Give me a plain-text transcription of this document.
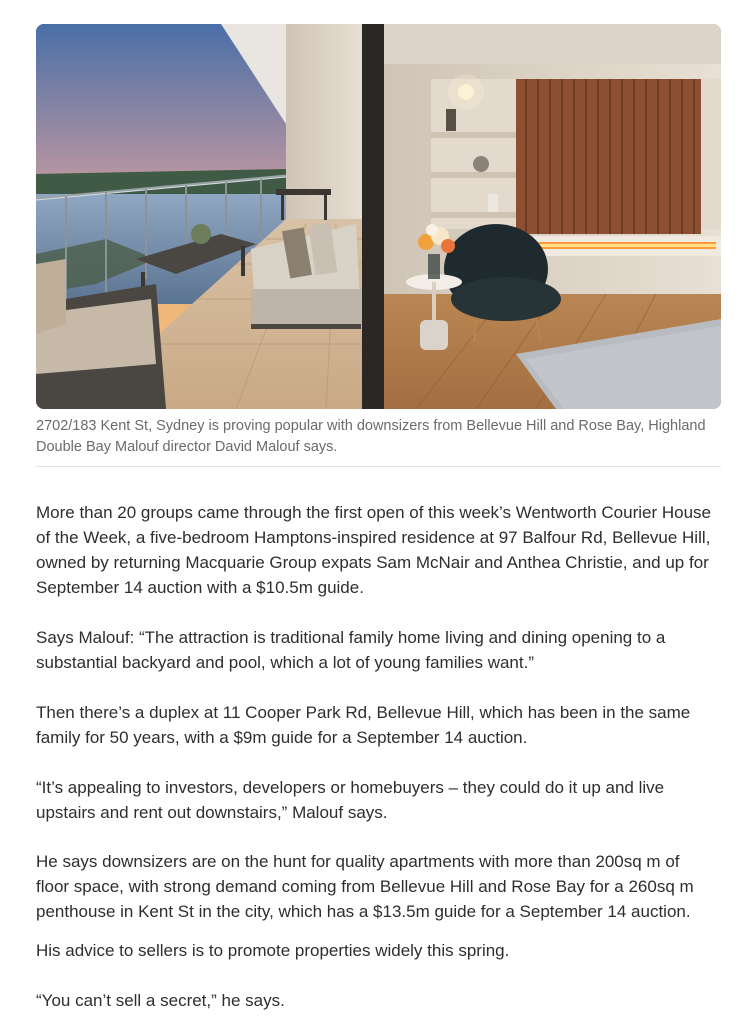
2702/183 Kent St, Sydney is proving popular with downsizers from Bellevue Hill and Rose Bay, Highland Double Bay Malouf director David Malouf says.

More than 20 groups came through the first open of this week’s Wentworth Courier House of the Week, a five-bedroom Hamptons-inspired residence at 97 Balfour Rd, Bellevue Hill, owned by returning Macquarie Group expats Sam McNair and Anthea Christie, and up for September 14 auction with a $10.5m guide.

Says Malouf: “The attraction is traditional family home living and dining opening to a substantial backyard and pool, which a lot of young families want.”

Then there’s a duplex at 11 Cooper Park Rd, Bellevue Hill, which has been in the same family for 50 years, with a $9m guide for a September 14 auction.

“It’s appealing to investors, developers or homebuyers – they could do it up and live upstairs and rent out downstairs,” Malouf says.

He says downsizers are on the hunt for quality apartments with more than 200sq m of floor space, with strong demand coming from Bellevue Hill and Rose Bay for a 260sq m penthouse in Kent St in the city, which has a $13.5m guide for a September 14 auction.

His advice to sellers is to promote properties widely this spring.

“You can’t sell a secret,” he says.
